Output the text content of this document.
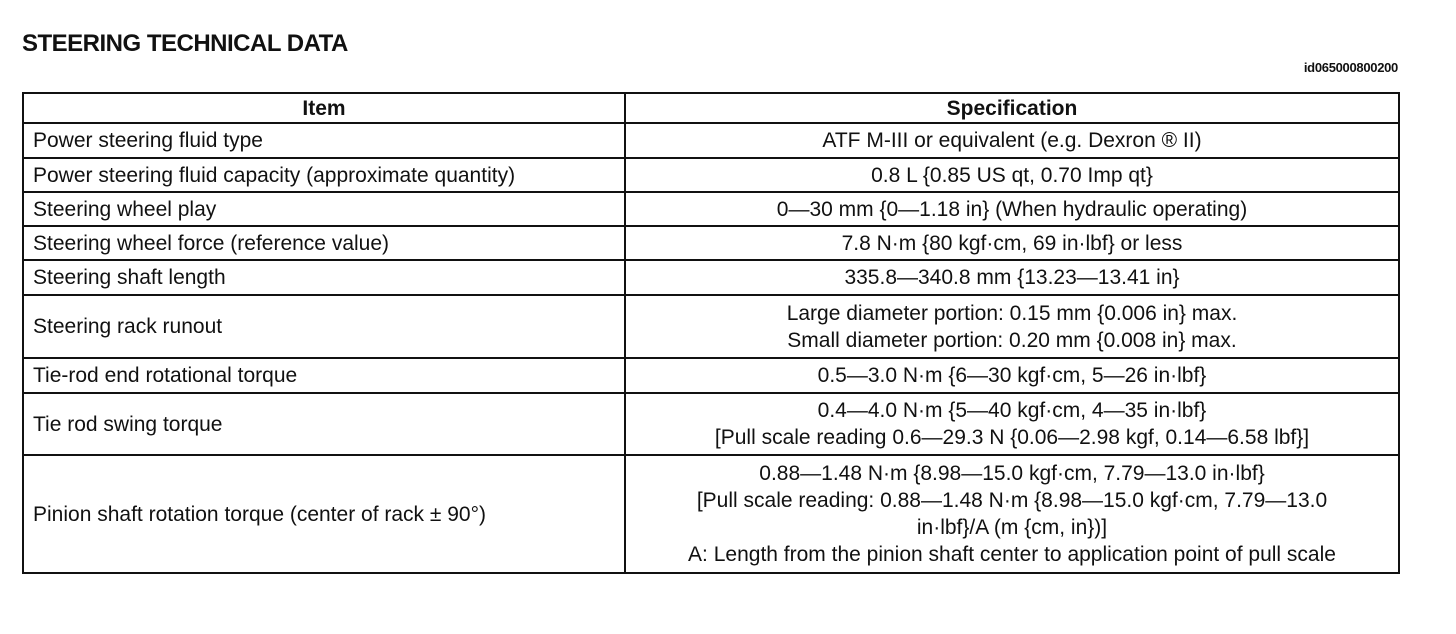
STEERING TECHNICAL DATA
id065000800200
Item	Specification
Power steering fluid type	ATF M-III or equivalent (e.g. Dexron ® II)

Power steering fluid capacity (approximate quantity)	0.8 L {0.85 US qt, 0.70 Imp qt}

Steering wheel play	0—30 mm {0—1.18 in} (When hydraulic operating)

Steering wheel force (reference value)	7.8 N·m {80 kgf·cm, 69 in·lbf} or less

Steering shaft length	335.8—340.8 mm {13.23—13.41 in}

Steering rack runout	Large diameter portion: 0.15 mm {0.006 in} max.
Small diameter portion: 0.20 mm {0.008 in} max.

Tie-rod end rotational torque	0.5—3.0 N·m {6—30 kgf·cm, 5—26 in·lbf}

Tie rod swing torque	0.4—4.0 N·m {5—40 kgf·cm, 4—35 in·lbf}
[Pull scale reading 0.6—29.3 N {0.06—2.98 kgf, 0.14—6.58 lbf}]

Pinion shaft rotation torque (center of rack ± 90°)	0.88—1.48 N·m {8.98—15.0 kgf·cm, 7.79—13.0 in·lbf}
[Pull scale reading: 0.88—1.48 N·m {8.98—15.0 kgf·cm, 7.79—13.0
in·lbf}/A (m {cm, in})]
A: Length from the pinion shaft center to application point of pull scale
